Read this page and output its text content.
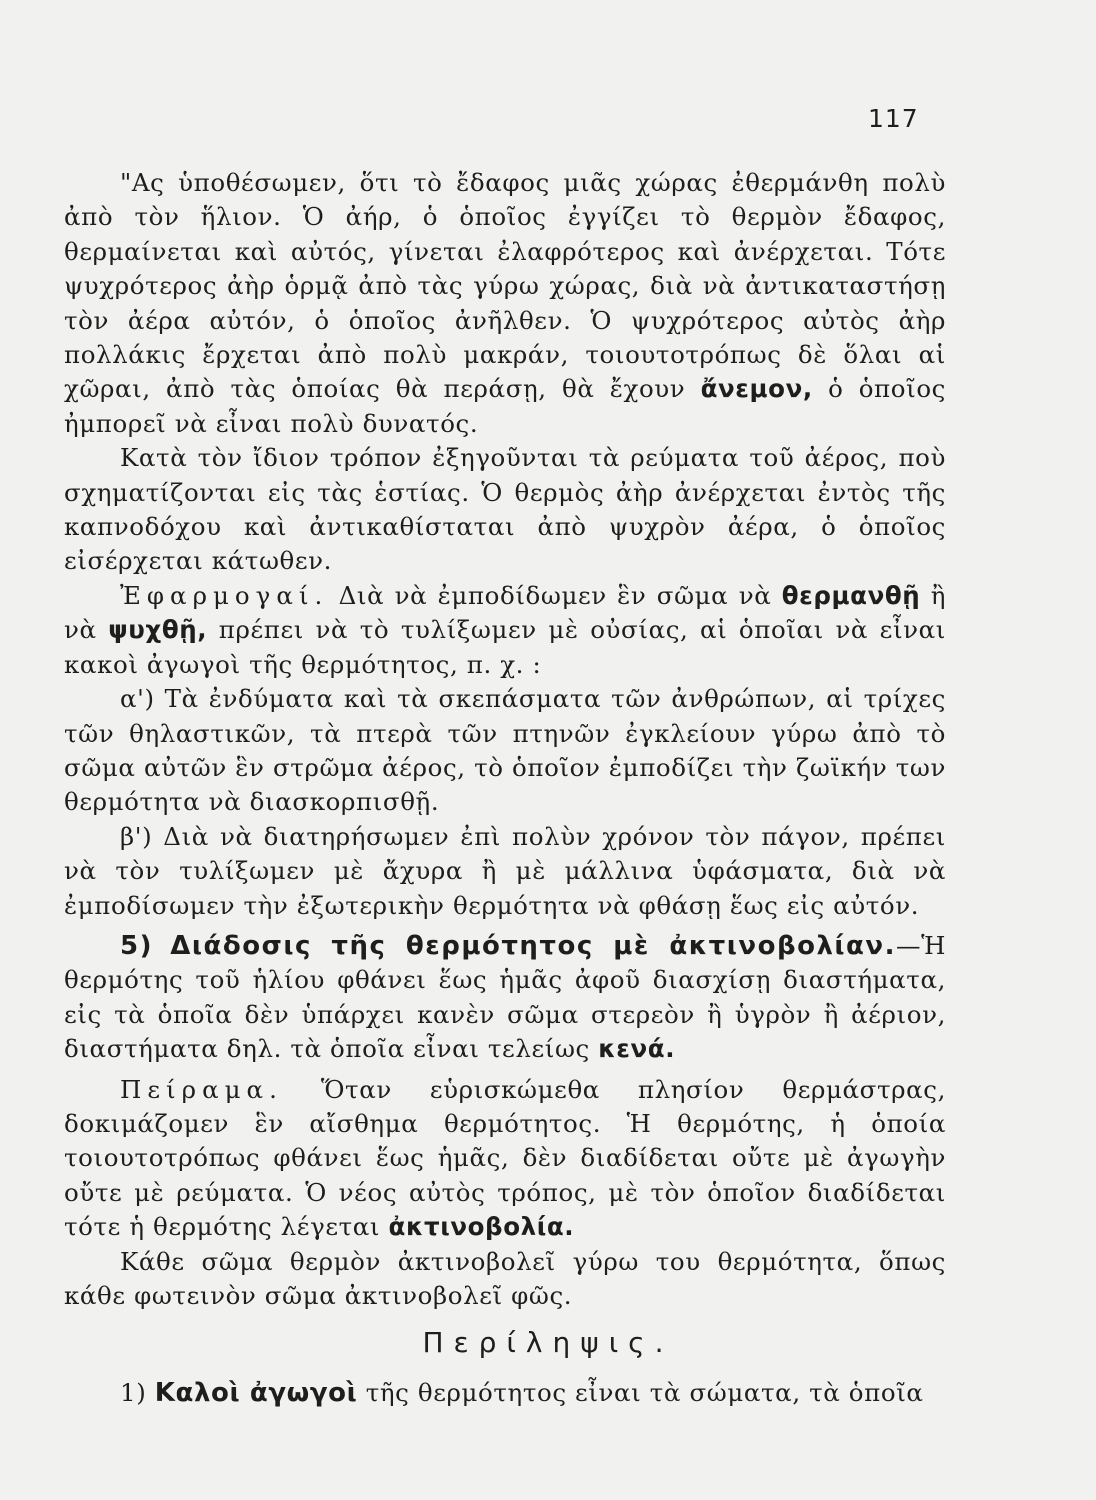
117

"Ας ὑποθέσωμεν, ὅτι τὸ ἔδαφος μιᾶς χώρας ἐθερμάνθη πολὺ ἀπὸ τὸν ἥλιον. Ὁ ἀήρ, ὁ ὁποῖος ἐγγίζει τὸ θερμὸν ἔδαφος, θερμαίνεται καὶ αὐτός, γίνεται ἐλαφρότερος καὶ ἀνέρχεται. Τότε ψυχρότερος ἀὴρ ὁρμᾷ ἀπὸ τὰς γύρω χώρας, διὰ νὰ ἀντικαταστήσῃ τὸν ἀέρα αὐτόν, ὁ ὁποῖος ἀνῆλθεν. Ὁ ψυχρότερος αὐτὸς ἀὴρ πολλάκις ἔρχεται ἀπὸ πολὺ μακράν, τοιουτοτρόπως δὲ ὅλαι αἱ χῶραι, ἀπὸ τὰς ὁποίας θὰ περάσῃ, θὰ ἔχουν ἄνεμον, ὁ ὁποῖος ἠμπορεῖ νὰ εἶναι πολὺ δυνατός.

Κατὰ τὸν ἴδιον τρόπον ἐξηγοῦνται τὰ ρεύματα τοῦ ἀέρος, ποὺ σχηματίζονται εἰς τὰς ἑστίας. Ὁ θερμὸς ἀὴρ ἀνέρχεται ἐντὸς τῆς καπνοδόχου καὶ ἀντικαθίσταται ἀπὸ ψυχρὸν ἀέρα, ὁ ὁποῖος εἰσέρχεται κάτωθεν.

Ἐφαρμογαί. Διὰ νὰ ἐμποδίδωμεν ἓν σῶμα νὰ θερμανθῇ ἢ νὰ ψυχθῇ, πρέπει νὰ τὸ τυλίξωμεν μὲ οὐσίας, αἱ ὁποῖαι νὰ εἶναι κακοὶ ἀγωγοὶ τῆς θερμότητος, π. χ. :

α') Τὰ ἐνδύματα καὶ τὰ σκεπάσματα τῶν ἀνθρώπων, αἱ τρίχες τῶν θηλαστικῶν, τὰ πτερὰ τῶν πτηνῶν ἐγκλείουν γύρω ἀπὸ τὸ σῶμα αὐτῶν ἓν στρῶμα ἀέρος, τὸ ὁποῖον ἐμποδίζει τὴν ζωϊκήν των θερμότητα νὰ διασκορπισθῇ.

β') Διὰ νὰ διατηρήσωμεν ἐπὶ πολὺν χρόνον τὸν πάγον, πρέπει νὰ τὸν τυλίξωμεν μὲ ἄχυρα ἢ μὲ μάλλινα ὑφάσματα, διὰ νὰ ἐμποδίσωμεν τὴν ἐξωτερικὴν θερμότητα νὰ φθάσῃ ἕως εἰς αὐτόν.

5) Διάδοσις τῆς θερμότητος μὲ ἀκτινοβολίαν.—Ἡ θερμότης τοῦ ἡλίου φθάνει ἕως ἡμᾶς ἀφοῦ διασχίσῃ διαστήματα, εἰς τὰ ὁποῖα δὲν ὑπάρχει κανὲν σῶμα στερεὸν ἢ ὑγρὸν ἢ ἀέριον, διαστήματα δηλ. τὰ ὁποῖα εἶναι τελείως κενά.

Πείραμα. Ὅταν εὑρισκώμεθα πλησίον θερμάστρας, δοκιμάζομεν ἓν αἴσθημα θερμότητος. Ἡ θερμότης, ἡ ὁποία τοιουτοτρόπως φθάνει ἕως ἡμᾶς, δὲν διαδίδεται οὔτε μὲ ἀγωγὴν οὔτε μὲ ρεύματα. Ὁ νέος αὐτὸς τρόπος, μὲ τὸν ὁποῖον διαδίδεται τότε ἡ θερμότης λέγεται ἀκτινοβολία.

Κάθε σῶμα θερμὸν ἀκτινοβολεῖ γύρω του θερμότητα, ὅπως κάθε φωτεινὸν σῶμα ἀκτινοβολεῖ φῶς.

Περίληψις.
1) Καλοὶ ἀγωγοὶ τῆς θερμότητος εἶναι τὰ σώματα, τὰ ὁποῖα
